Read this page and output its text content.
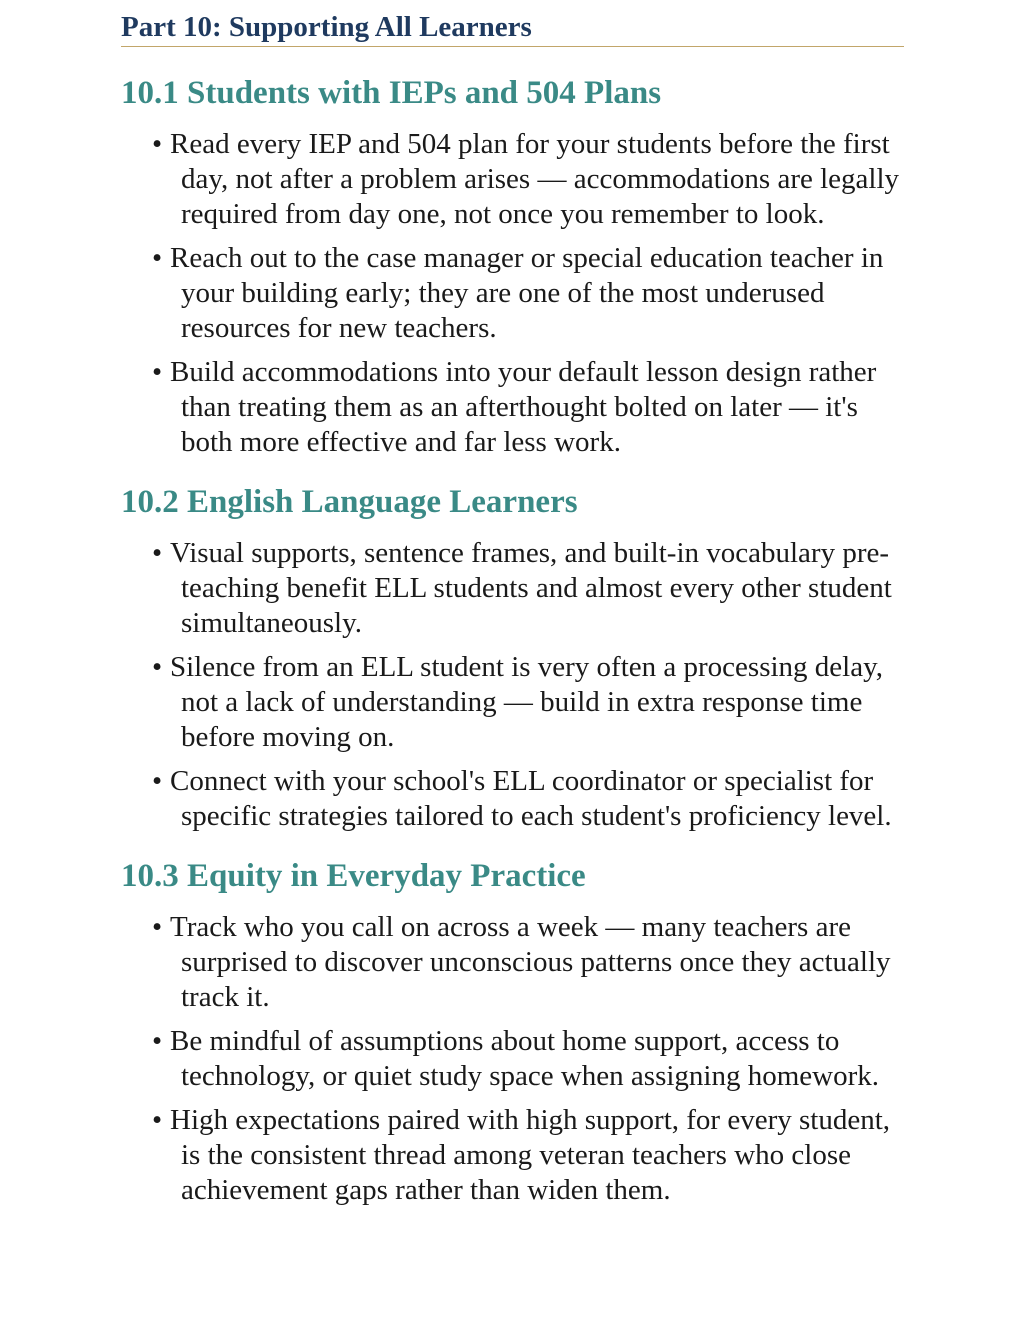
Part 10: Supporting All Learners
10.1 Students with IEPs and 504 Plans
• Read every IEP and 504 plan for your students before the first day, not after a problem arises — accommodations are legally required from day one, not once you remember to look.
• Reach out to the case manager or special education teacher in your building early; they are one of the most underused resources for new teachers.
• Build accommodations into your default lesson design rather than treating them as an afterthought bolted on later — it's both more effective and far less work.
10.2 English Language Learners
• Visual supports, sentence frames, and built-in vocabulary pre-teaching benefit ELL students and almost every other student simultaneously.
• Silence from an ELL student is very often a processing delay, not a lack of understanding — build in extra response time before moving on.
• Connect with your school's ELL coordinator or specialist for specific strategies tailored to each student's proficiency level.
10.3 Equity in Everyday Practice
• Track who you call on across a week — many teachers are surprised to discover unconscious patterns once they actually track it.
• Be mindful of assumptions about home support, access to technology, or quiet study space when assigning homework.
• High expectations paired with high support, for every student, is the consistent thread among veteran teachers who close achievement gaps rather than widen them.
